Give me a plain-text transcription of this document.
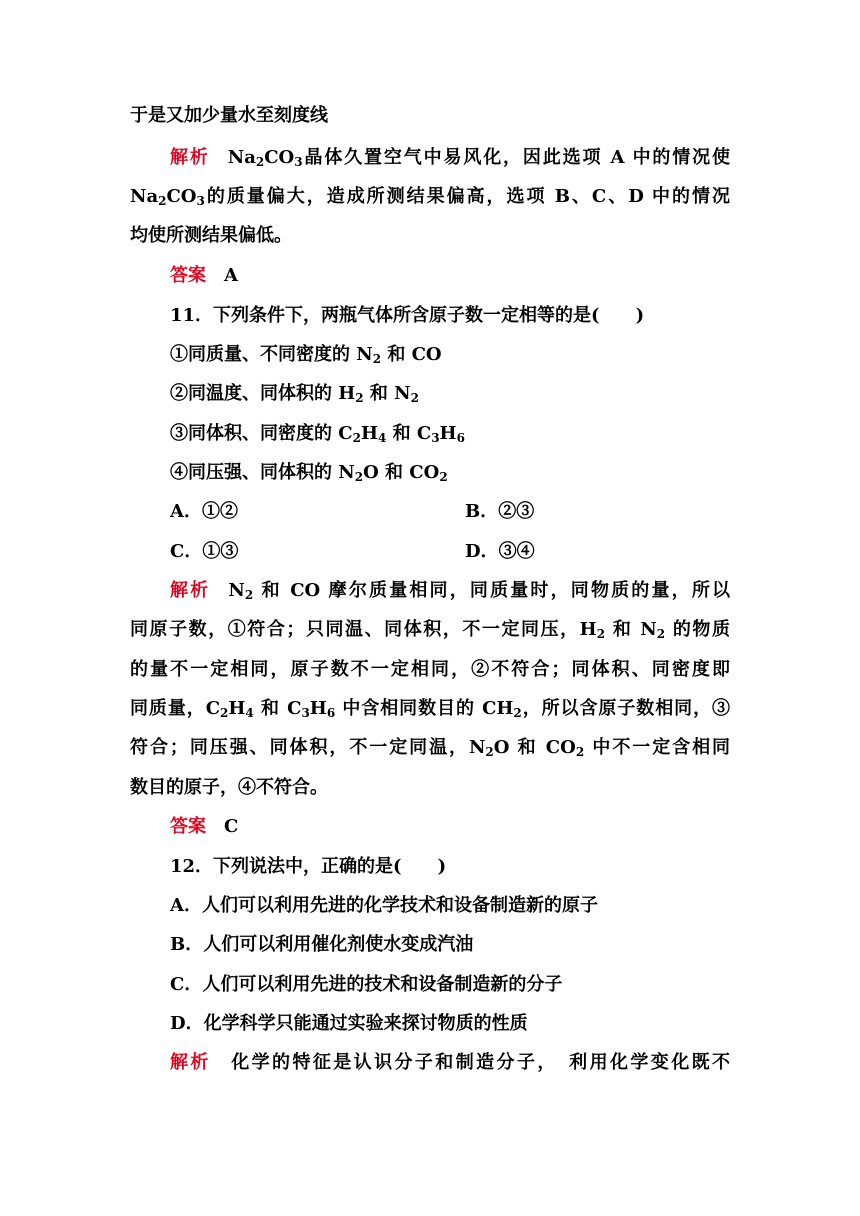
于是又加少量水至刻度线
解析 $Na_2CO_3$晶体久置空气中易风化，因此选项 A 中的情况使
$Na_2CO_3$的质量偏大，造成所测结果偏高，选项 B、C、D 中的情况
均使所测结果偏低。
答案 A
11．下列条件下，两瓶气体所含原子数一定相等的是(　　)
①同质量、不同密度的 $N_2$ 和 CO
②同温度、同体积的 $H_2$ 和 $N_2$
③同体积、同密度的 $C_2H_4$ 和 $C_3H_6$
④同压强、同体积的 $N_2O$ 和 $CO_2$
A．①②	B．②③
C．①③	D．③④
解析 $N_2$ 和 CO 摩尔质量相同，同质量时，同物质的量，所以
同原子数，①符合；只同温、同体积，不一定同压，$H_2$ 和 $N_2$ 的物质
的量不一定相同，原子数不一定相同，②不符合；同体积、同密度即
同质量，$C_2H_4$ 和 $C_3H_6$ 中含相同数目的 $CH_2$，所以含原子数相同，③
符合；同压强、同体积，不一定同温，$N_2O$ 和 $CO_2$ 中不一定含相同
数目的原子，④不符合。
答案 C
12．下列说法中，正确的是(　　)
A．人们可以利用先进的化学技术和设备制造新的原子
B．人们可以利用催化剂使水变成汽油
C．人们可以利用先进的技术和设备制造新的分子
D．化学科学只能通过实验来探讨物质的性质
解析 化学的特征是认识分子和制造分子，　利用化学变化既不
